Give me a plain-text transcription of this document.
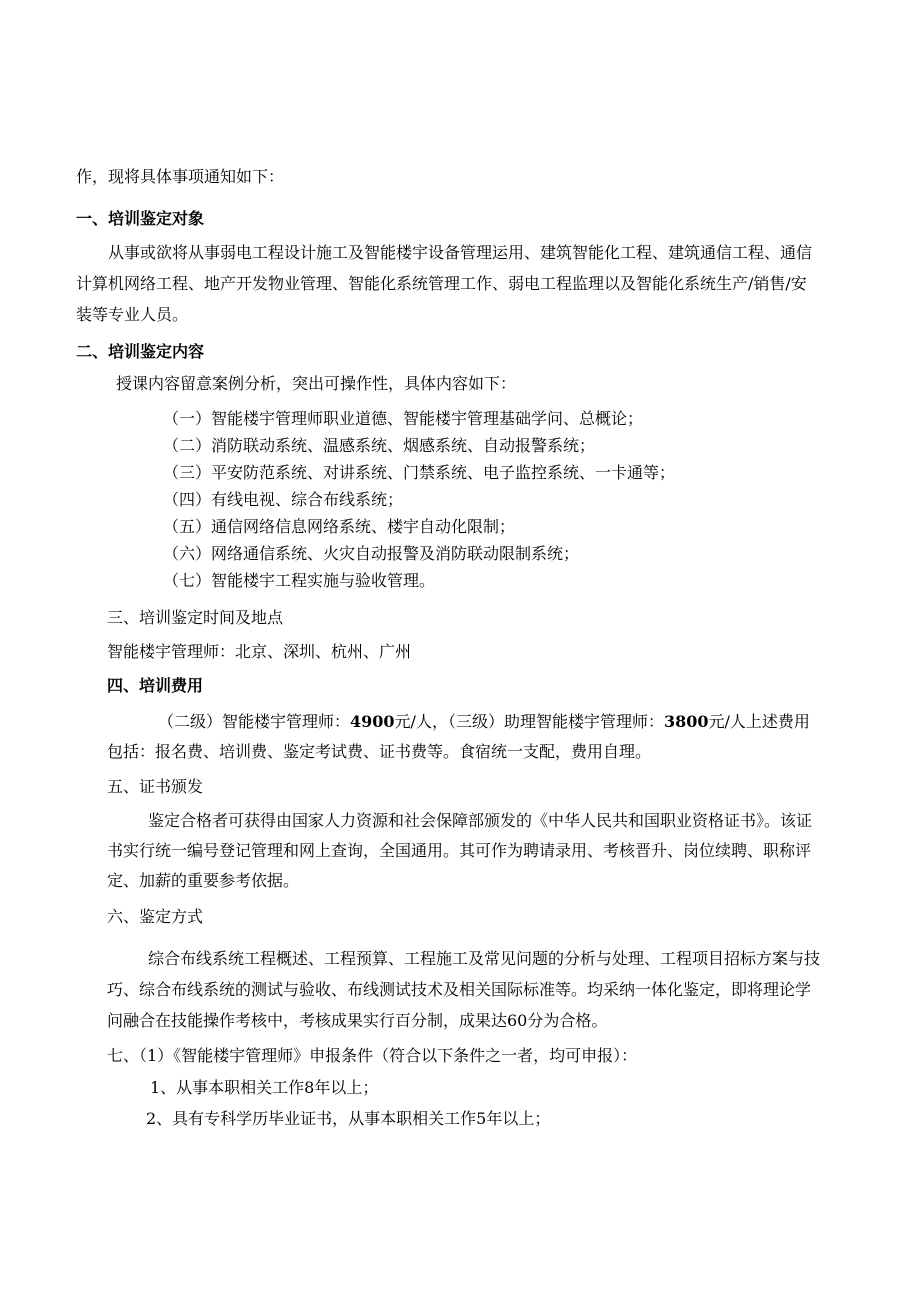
作，现将具体事项通知如下：
一、培训鉴定对象
从事或欲将从事弱电工程设计施工及智能楼宇设备管理运用、建筑智能化工程、建筑通信工程、通信
计算机网络工程、地产开发物业管理、智能化系统管理工作、弱电工程监理以及智能化系统生产/销售/安
装等专业人员。
二、培训鉴定内容
授课内容留意案例分析，突出可操作性，具体内容如下：
（一）智能楼宇管理师职业道德、智能楼宇管理基础学问、总概论；
（二）消防联动系统、温感系统、烟感系统、自动报警系统；
（三）平安防范系统、对讲系统、门禁系统、电子监控系统、一卡通等；
（四）有线电视、综合布线系统；
（五）通信网络信息网络系统、楼宇自动化限制；
（六）网络通信系统、火灾自动报警及消防联动限制系统；
（七）智能楼宇工程实施与验收管理。
三、培训鉴定时间及地点
智能楼宇管理师：北京、深圳、杭州、广州
四、培训费用
（二级）智能楼宇管理师：4900元/人，（三级）助理智能楼宇管理师：3800元/人上述费用
包括：报名费、培训费、鉴定考试费、证书费等。食宿统一支配，费用自理。
五、证书颁发
鉴定合格者可获得由国家人力资源和社会保障部颁发的《中华人民共和国职业资格证书》。该证
书实行统一编号登记管理和网上查询，全国通用。其可作为聘请录用、考核晋升、岗位续聘、职称评
定、加薪的重要参考依据。
六、鉴定方式
综合布线系统工程概述、工程预算、工程施工及常见问题的分析与处理、工程项目招标方案与技
巧、综合布线系统的测试与验收、布线测试技术及相关国际标准等。均采纳一体化鉴定，即将理论学
问融合在技能操作考核中，考核成果实行百分制，成果达60分为合格。
七、（1）《智能楼宇管理师》申报条件（符合以下条件之一者，均可申报）：
1、从事本职相关工作8年以上；
2、具有专科学历毕业证书，从事本职相关工作5年以上；
